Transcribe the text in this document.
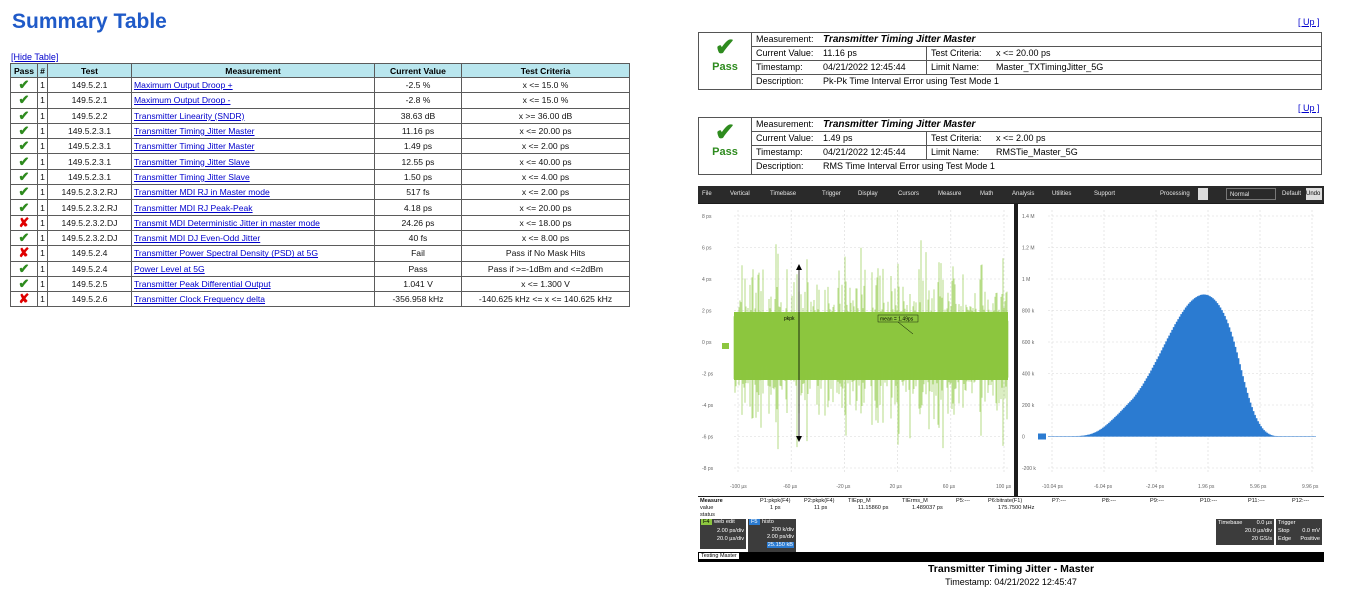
Summary Table
[Hide Table]
Pass	#	Test	Measurement	Current Value	Test Criteria
✔	1	149.5.2.1	Maximum Output Droop +	-2.5 %	x <= 15.0 %
✔	1	149.5.2.1	Maximum Output Droop -	-2.8 %	x <= 15.0 %
✔	1	149.5.2.2	Transmitter Linearity (SNDR)	38.63 dB	x >= 36.00 dB
✔	1	149.5.2.3.1	Transmitter Timing Jitter Master	11.16 ps	x <= 20.00 ps
✔	1	149.5.2.3.1	Transmitter Timing Jitter Master	1.49 ps	x <= 2.00 ps
✔	1	149.5.2.3.1	Transmitter Timing Jitter Slave	12.55 ps	x <= 40.00 ps
✔	1	149.5.2.3.1	Transmitter Timing Jitter Slave	1.50 ps	x <= 4.00 ps
✔	1	149.5.2.3.2.RJ	Transmitter MDI RJ in Master mode	517 fs	x <= 2.00 ps
✔	1	149.5.2.3.2.RJ	Transmitter MDI RJ Peak-Peak	4.18 ps	x <= 20.00 ps
✘	1	149.5.2.3.2.DJ	Transmit MDI Deterministic Jitter in master mode	24.26 ps	x <= 18.00 ps
✔	1	149.5.2.3.2.DJ	Transmit MDI DJ Even-Odd Jitter	40 fs	x <= 8.00 ps
✘	1	149.5.2.4	Transmitter Power Spectral Density (PSD) at 5G	Fail	Pass if No Mask Hits
✔	1	149.5.2.4	Power Level at 5G	Pass	Pass if >=-1dBm and <=2dBm
✔	1	149.5.2.5	Transmitter Peak Differential Output	1.041 V	x <= 1.300 V
✘	1	149.5.2.6	Transmitter Clock Frequency delta	-356.958 kHz	-140.625 kHz <= x <= 140.625 kHz
[ Up ]
✔
Pass
Measurement: Transmitter Timing Jitter Master
Current Value:	11.16 ps	Test Criteria:	x <= 20.00 ps
Timestamp:	04/21/2022 12:45:44	Limit Name:	Master_TXTimingJitter_5G
Description:	Pk-Pk Time Interval Error using Test Mode 1
[ Up ]
✔
Pass
Measurement: Transmitter Timing Jitter Master
Current Value:	1.49 ps	Test Criteria:	x <= 2.00 ps
Timestamp:	04/21/2022 12:45:44	Limit Name:	RMSTie_Master_5G
Description:	RMS Time Interval Error using Test Mode 1
File	Vertical	Timebase	Trigger	Display	Cursors	Measure	Math	Analysis	Utilities	Support	Processing	Normal	Default Undo
8 ps
6 ps
4 ps
2 ps
0 ps
-2 ps
-4 ps
-6 ps
-8 ps
-100 µs	-60 µs	-20 µs	20 µs	60 µs	100 µs
pkpk	mean = 1.49ps
1.4 M
1.2 M
1 M
800 k
600 k
400 k
200 k
0
-200 k
-10.04 ps	-6.04 ps	-2.04 ps	1.96 ps	5.96 ps	9.96 ps
Measure	P1:pkpk(F4) P2:pkpk(F4) TIEpp_M	TIErms_M	P5:---	P6:bitrate(F1)	P7:---	P8:---	P9:---	P10:---	P11:---	P12:---
value
status
1 ps	11 ps	11.15860 ps	1.489037 ps	175.7500 MHz
F4 web edit
2.00 ps/div
20.0 µs/div
F5 histo
200 k/div
2.00 ps/div
25.150 kB
Timebase	0.0 µs
20.0 µs/div
20 GS/s
Trigger
Stop 0.0 mV
Edge Positive
Testing Master
Transmitter Timing Jitter - Master
Timestamp: 04/21/2022 12:45:47
